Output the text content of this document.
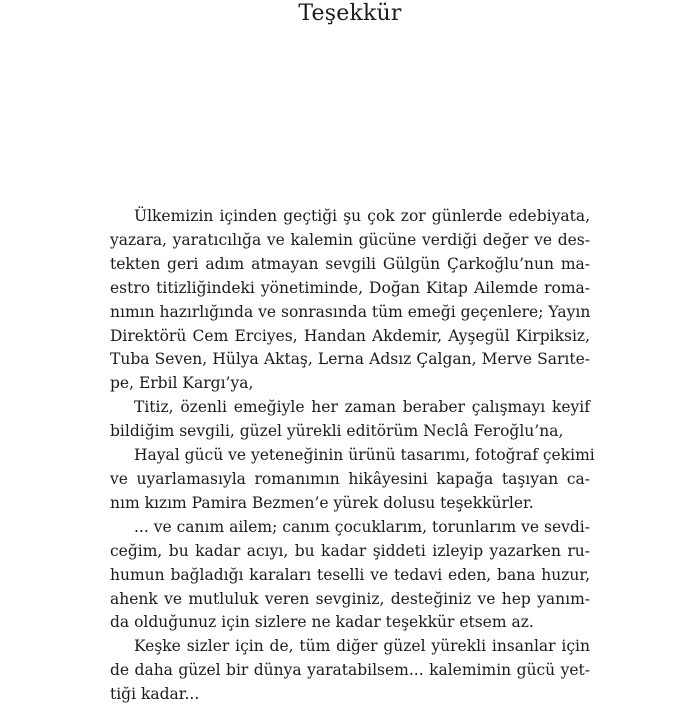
Teşekkür
Ülkemizin içinden geçtiği şu çok zor günlerde edebiyata,
yazara, yaratıcılığa ve kalemin gücüne verdiği değer ve des-
tekten geri adım atmayan sevgili Gülgün Çarkoğlu’nun ma-
estro titizliğindeki yönetiminde, Doğan Kitap Ailemde roma-
nımın hazırlığında ve sonrasında tüm emeği geçenlere; Yayın
Direktörü Cem Erciyes, Handan Akdemir, Ayşegül Kirpiksiz,
Tuba Seven, Hülya Aktaş, Lerna Adsız Çalgan, Merve Sarıte-
pe, Erbil Kargı’ya,
Titiz, özenli emeğiyle her zaman beraber çalışmayı keyif
bildiğim sevgili, güzel yürekli editörüm Neclâ Feroğlu’na,
Hayal gücü ve yeteneğinin ürünü tasarımı, fotoğraf çekimi
ve uyarlamasıyla romanımın hikâyesini kapağa taşıyan ca-
nım kızım Pamira Bezmen’e yürek dolusu teşekkürler.
... ve canım ailem; canım çocuklarım, torunlarım ve sevdi-
ceğim, bu kadar acıyı, bu kadar şiddeti izleyip yazarken ru-
humun bağladığı karaları teselli ve tedavi eden, bana huzur,
ahenk ve mutluluk veren sevginiz, desteğiniz ve hep yanım-
da olduğunuz için sizlere ne kadar teşekkür etsem az.
Keşke sizler için de, tüm diğer güzel yürekli insanlar için
de daha güzel bir dünya yaratabilsem... kalemimin gücü yet-
tiği kadar...
